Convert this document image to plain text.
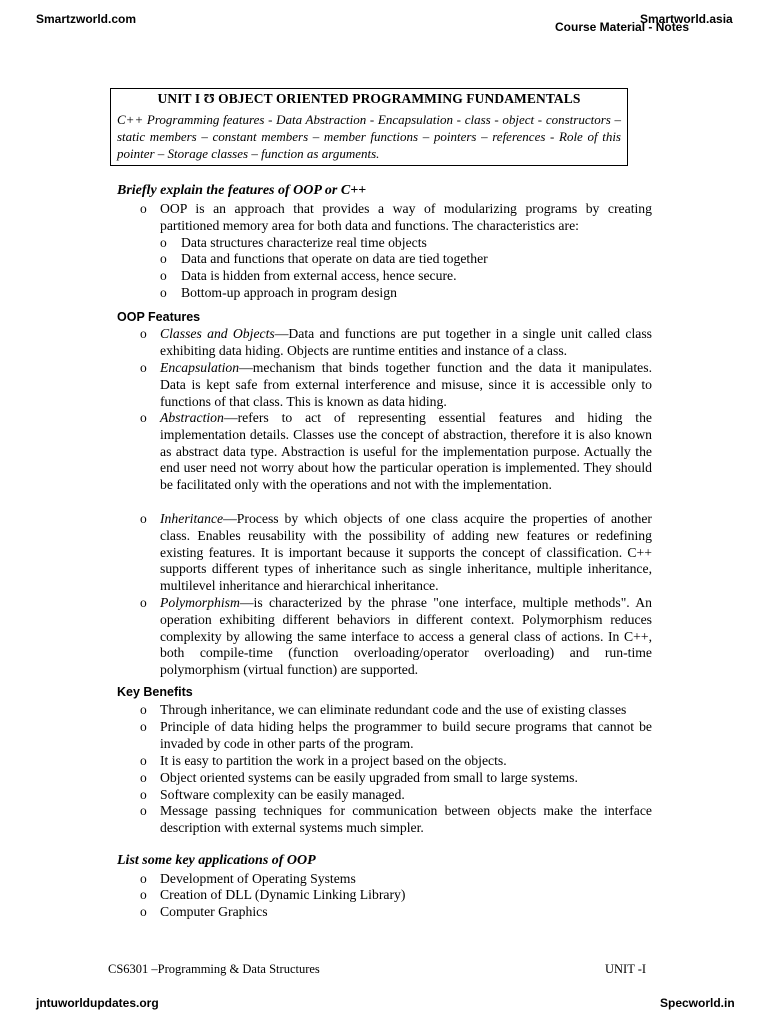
Smartzworld.com	Smartworld.asia
Course Material - Notes
UNIT I Ʊ OBJECT ORIENTED PROGRAMMING FUNDAMENTALS
C++ Programming features - Data Abstraction - Encapsulation - class - object - constructors – static members – constant members – member functions – pointers – references - Role of this pointer – Storage classes – function as arguments.
Briefly explain the features of OOP or C++
o OOP is an approach that provides a way of modularizing programs by creating partitioned memory area for both data and functions. The characteristics are:
o Data structures characterize real time objects
o Data and functions that operate on data are tied together
o Data is hidden from external access, hence secure.
o Bottom-up approach in program design
OOP Features
o Classes and Objects—Data and functions are put together in a single unit called class exhibiting data hiding. Objects are runtime entities and instance of a class.
o Encapsulation—mechanism that binds together function and the data it manipulates. Data is kept safe from external interference and misuse, since it is accessible only to functions of that class. This is known as data hiding.
o Abstraction—refers to act of representing essential features and hiding the implementation details. Classes use the concept of abstraction, therefore it is also known as abstract data type. Abstraction is useful for the implementation purpose. Actually the end user need not worry about how the particular operation is implemented. They should be facilitated only with the operations and not with the implementation.
o Inheritance—Process by which objects of one class acquire the properties of another class. Enables reusability with the possibility of adding new features or redefining existing features. It is important because it supports the concept of classification. C++ supports different types of inheritance such as single inheritance, multiple inheritance, multilevel inheritance and hierarchical inheritance.
o Polymorphism—is characterized by the phrase "one interface, multiple methods". An operation exhibiting different behaviors in different context. Polymorphism reduces complexity by allowing the same interface to access a general class of actions. In C++, both compile-time (function overloading/operator overloading) and run-time polymorphism (virtual function) are supported.
Key Benefits
o Through inheritance, we can eliminate redundant code and the use of existing classes
o Principle of data hiding helps the programmer to build secure programs that cannot be invaded by code in other parts of the program.
o It is easy to partition the work in a project based on the objects.
o Object oriented systems can be easily upgraded from small to large systems.
o Software complexity can be easily managed.
o Message passing techniques for communication between objects make the interface description with external systems much simpler.
List some key applications of OOP
o Development of Operating Systems
o Creation of DLL (Dynamic Linking Library)
o Computer Graphics
CS6301 –Programming & Data Structures	UNIT -I
jntuworldupdates.org	Specworld.in
